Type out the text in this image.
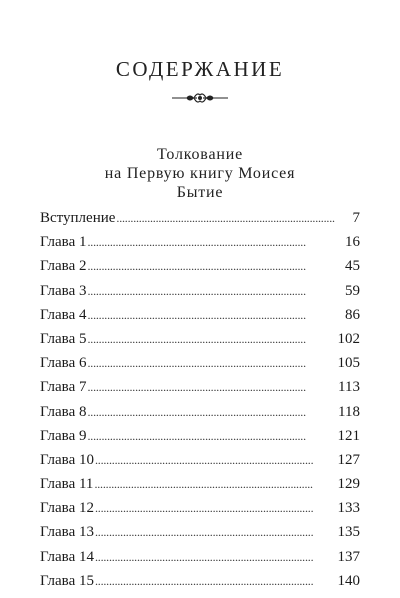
СОДЕРЖАНИЕ
Толкование
на Первую книгу Моисея
Бытие
Вступление . . .	7
Глава 1 . . .	16
Глава 2 . . .	45
Глава 3 . . .	59
Глава 4 . . .	86
Глава 5 . . .	102
Глава 6 . . .	105
Глава 7 . . .	113
Глава 8 . . .	118
Глава 9 . . .	121
Глава 10 . . .	127
Глава 11 . . .	129
Глава 12 . . .	133
Глава 13 . . .	135
Глава 14 . . .	137
Глава 15 . . .	140
